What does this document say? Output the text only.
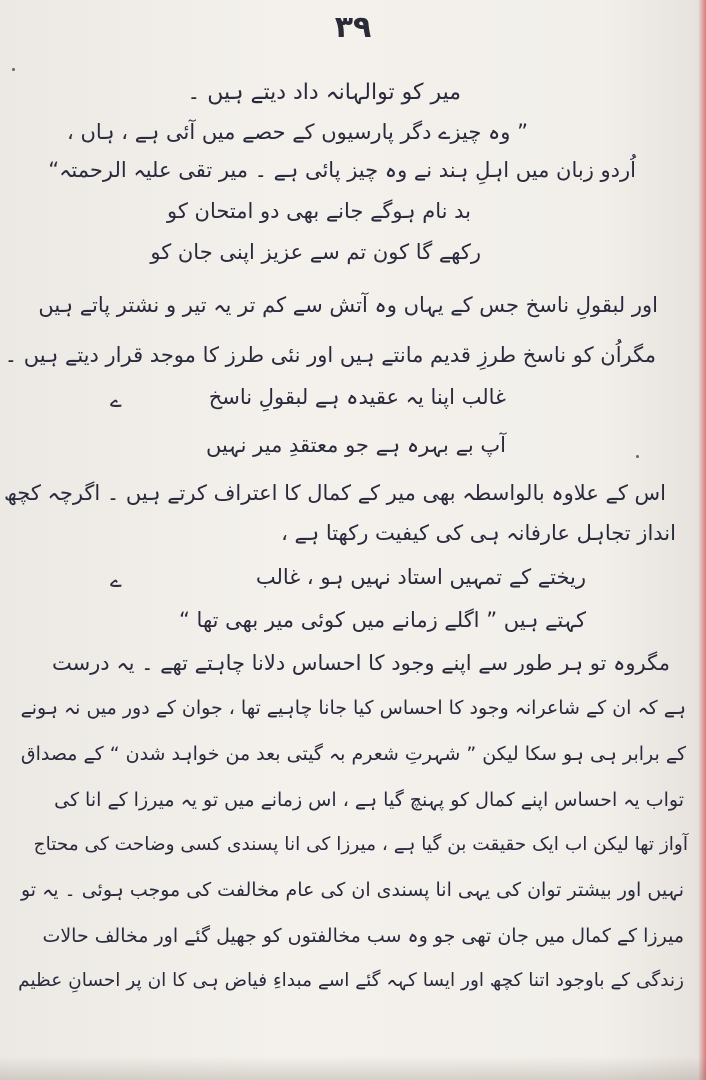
۳۹
میر کو توالہانہ داد دیتے ہیں ۔
” وہ چیزے دگر پارسیوں کے حصے میں آئی ہے ، ہاں ،
اُردو زبان میں اہلِ ہند نے وہ چیز پائی ہے ۔ میر تقی علیہ الرحمتہ“
بد نام ہوگے جانے بھی دو امتحان کو
رکھے گا کون تم سے عزیز اپنی جان کو
اور لبقولِ ناسخ جس کے یہاں وہ آتش سے کم تر یہ تیر و نشتر پاتے ہیں
مگراُن کو ناسخ طرزِ قدیم مانتے ہیں اور نئی طرز کا موجد قرار دیتے ہیں ۔
ے	غالب اپنا یہ عقیدہ ہے لبقولِ ناسخ
آپ بے بہرہ ہے جو معتقدِ میر نہیں
اس کے علاوہ بالواسطہ بھی میر کے کمال کا اعتراف کرتے ہیں ۔ اگرچہ کچھ
انداز تجاہل عارفانہ ہی کی کیفیت رکھتا ہے ،
ے	ریختے کے تمہیں استاد نہیں ہو ، غالب
کہتے ہیں ” اگلے زمانے میں کوئی میر بھی تھا “
مگروہ تو ہر طور سے اپنے وجود کا احساس دلانا چاہتے تھے ۔ یہ درست
ہے کہ ان کے شاعرانہ وجود کا احساس کیا جانا چاہیے تھا ، جوان کے دور میں نہ ہونے
کے برابر ہی ہو سکا لیکن ” شہرتِ شعرم بہ گیتی بعد من خواہد شدن “ کے مصداق
تواب یہ احساس اپنے کمال کو پہنچ گیا ہے ، اس زمانے میں تو یہ میرزا کے انا کی
آواز تھا لیکن اب ایک حقیقت بن گیا ہے ، میرزا کی انا پسندی کسی وضاحت کی محتاج
نہیں اور بیشتر توان کی یہی انا پسندی ان کی عام مخالفت کی موجب ہوئی ۔ یہ تو
میرزا کے کمال میں جان تھی جو وہ سب مخالفتوں کو جھیل گئے اور مخالف حالات
زندگی کے باوجود اتنا کچھ اور ایسا کہہ گئے اسے مبداءِ فیاض ہی کا ان پر احسانِ عظیم
